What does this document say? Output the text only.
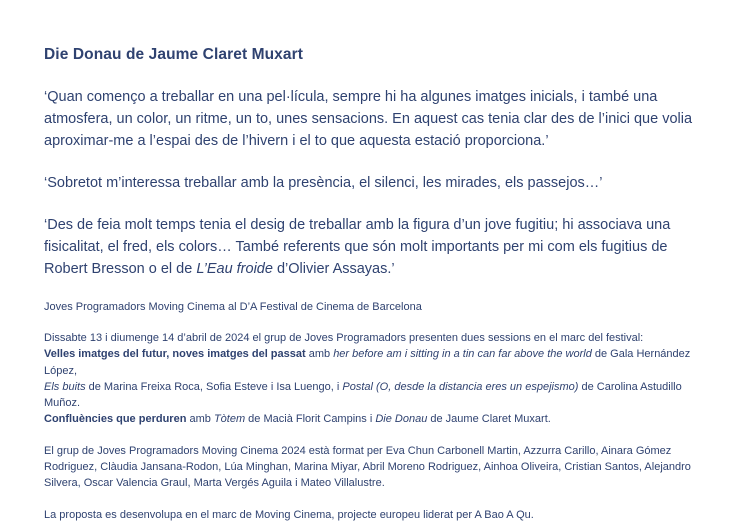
Die Donau de Jaume Claret Muxart

‘Quan començo a treballar en una pel·lícula, sempre hi ha algunes imatges inicials, i també una atmosfera, un color, un ritme, un to, unes sensacions. En aquest cas tenia clar des de l’inici que volia aproximar-me a l’espai des de l’hivern i el to que aquesta estació proporciona.’

‘Sobretot m’interessa treballar amb la presència, el silenci, les mirades, els passejos…’

‘Des de feia molt temps tenia el desig de treballar amb la figura d’un jove fugitiu; hi associava una fisicalitat, el fred, els colors… També referents que són molt importants per mi com els fugitius de Robert Bresson o el de L’Eau froide d’Olivier Assayas.’

Joves Programadors Moving Cinema al D’A Festival de Cinema de Barcelona

Dissabte 13 i diumenge 14 d’abril de 2024 el grup de Joves Programadors presenten dues sessions en el marc del festival:
Velles imatges del futur, noves imatges del passat amb her before am i sitting in a tin can far above the world de Gala Hernández López,
Els buits de Marina Freixa Roca, Sofia Esteve i Isa Luengo, i Postal (O, desde la distancia eres un espejismo) de Carolina Astudillo Muñoz.
Confluències que perduren amb Tòtem de Macià Florit Campins i Die Donau de Jaume Claret Muxart.

El grup de Joves Programadors Moving Cinema 2024 està format per Eva Chun Carbonell Martin, Azzurra Carillo, Ainara Gómez Rodriguez, Clàudia Jansana-Rodon, Lúa Minghan, Marina Miyar, Abril Moreno Rodriguez, Ainhoa Oliveira, Cristian Santos, Alejandro Silvera, Oscar Valencia Graul, Marta Vergés Aguila i Mateo Villalustre.

La proposta es desenvolupa en el marc de Moving Cinema, projecte europeu liderat per A Bao A Qu.
